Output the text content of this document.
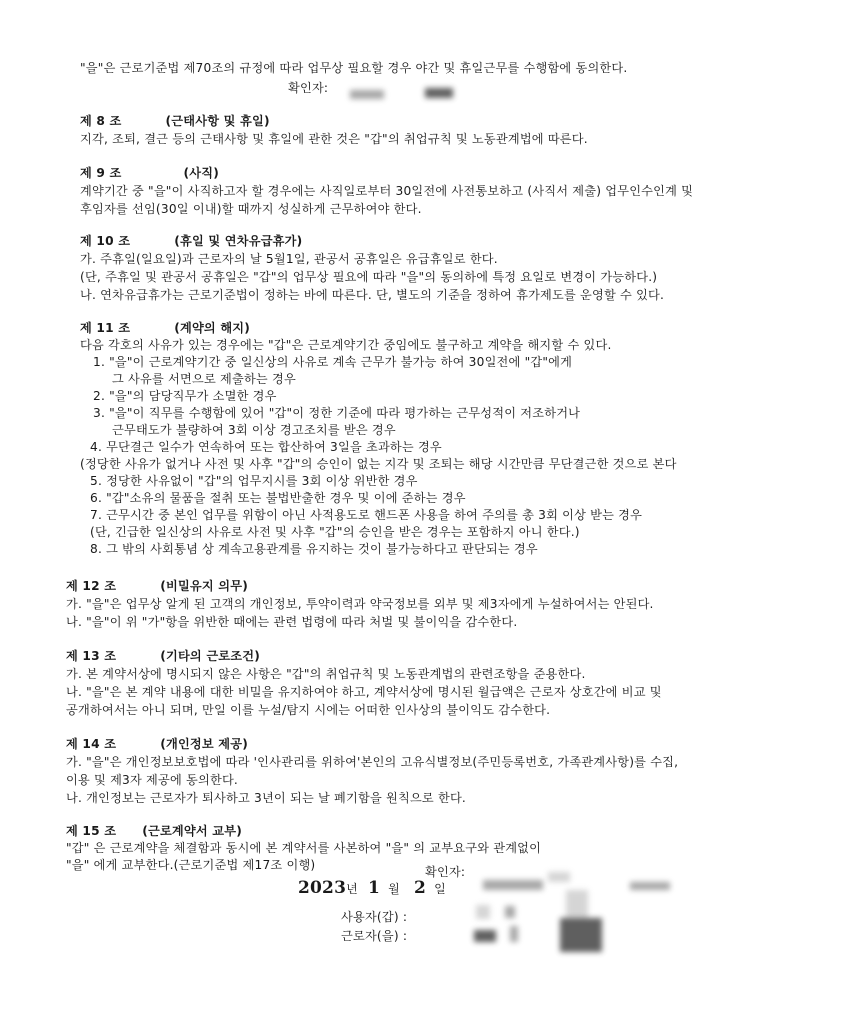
"을"은 근로기준법 제70조의 규정에 따라 업무상 필요할 경우 야간 및 휴일근무를 수행함에 동의한다.
확인자:
제 8 조	(근태사항 및 휴일)
지각, 조퇴, 결근 등의 근태사항 및 휴일에 관한 것은 "갑"의 취업규칙 및 노동관계법에 따른다.
제 9 조	(사직)
계약기간 중 "을"이 사직하고자 할 경우에는 사직일로부터 30일전에 사전통보하고 (사직서 제출) 업무인수인계 및
후임자를 선임(30일 이내)할 때까지 성실하게 근무하여야 한다.
제 10 조	(휴일 및 연차유급휴가)
가. 주휴일(일요일)과 근로자의 날 5월1일, 관공서 공휴일은 유급휴일로 한다.
(단, 주휴일 및 관공서 공휴일은 "갑"의 업무상 필요에 따라 "을"의 동의하에 특정 요일로 변경이 가능하다.)
나. 연차유급휴가는 근로기준법이 정하는 바에 따른다. 단, 별도의 기준을 정하여 휴가제도를 운영할 수 있다.
제 11 조	(계약의 해지)
다음 각호의 사유가 있는 경우에는 "갑"은 근로계약기간 중임에도 불구하고 계약을 해지할 수 있다.
1. "을"이 근로계약기간 중 일신상의 사유로 계속 근무가 불가능 하여 30일전에 "갑"에게
그 사유를 서면으로 제출하는 경우
2. "을"의 담당직무가 소멸한 경우
3. "을"이 직무를 수행함에 있어 "갑"이 정한 기준에 따라 평가하는 근무성적이 저조하거나
근무태도가 불량하여 3회 이상 경고조치를 받은 경우
4. 무단결근 일수가 연속하여 또는 합산하여 3일을 초과하는 경우
(정당한 사유가 없거나 사전 및 사후 "갑"의 승인이 없는 지각 및 조퇴는 해당 시간만큼 무단결근한 것으로 본다
5. 정당한 사유없이 "갑"의 업무지시를 3회 이상 위반한 경우
6. "갑"소유의 물품을 절취 또는 불법반출한 경우 및 이에 준하는 경우
7. 근무시간 중 본인 업무를 위함이 아닌 사적용도로 핸드폰 사용을 하여 주의를 총 3회 이상 받는 경우
(단, 긴급한 일신상의 사유로 사전 및 사후 "갑"의 승인을 받은 경우는 포함하지 아니 한다.)
8. 그 밖의 사회통념 상 계속고용관계를 유지하는 것이 불가능하다고 판단되는 경우
제 12 조	(비밀유지 의무)
가. "을"은 업무상 알게 된 고객의 개인정보, 투약이력과 약국정보를 외부 및 제3자에게 누설하여서는 안된다.
나. "을"이 위 "가"항을 위반한 때에는 관련 법령에 따라 처벌 및 불이익을 감수한다.
제 13 조	(기타의 근로조건)
가. 본 계약서상에 명시되지 않은 사항은 "갑"의 취업규칙 및 노동관계법의 관련조항을 준용한다.
나. "을"은 본 계약 내용에 대한 비밀을 유지하여야 하고, 계약서상에 명시된 월급액은 근로자 상호간에 비교 및
공개하여서는 아니 되며, 만일 이를 누설/탐지 시에는 어떠한 인사상의 불이익도 감수한다.
제 14 조	(개인정보 제공)
가. "을"은 개인정보보호법에 따라 '인사관리를 위하여'본인의 고유식별정보(주민등록번호, 가족관계사항)를 수집,
이용 및 제3자 제공에 동의한다.
나. 개인정보는 근로자가 퇴사하고 3년이 되는 날 폐기함을 원칙으로 한다.
제 15 조 (근로계약서 교부)
"갑" 은 근로계약을 체결함과 동시에 본 계약서를 사본하여 "을" 의 교부요구와 관계없이
"을" 에게 교부한다.(근로기준법 제17조 이행)	확인자:
2023년 1 월 2 일
사용자(갑) :
근로자(을) :
